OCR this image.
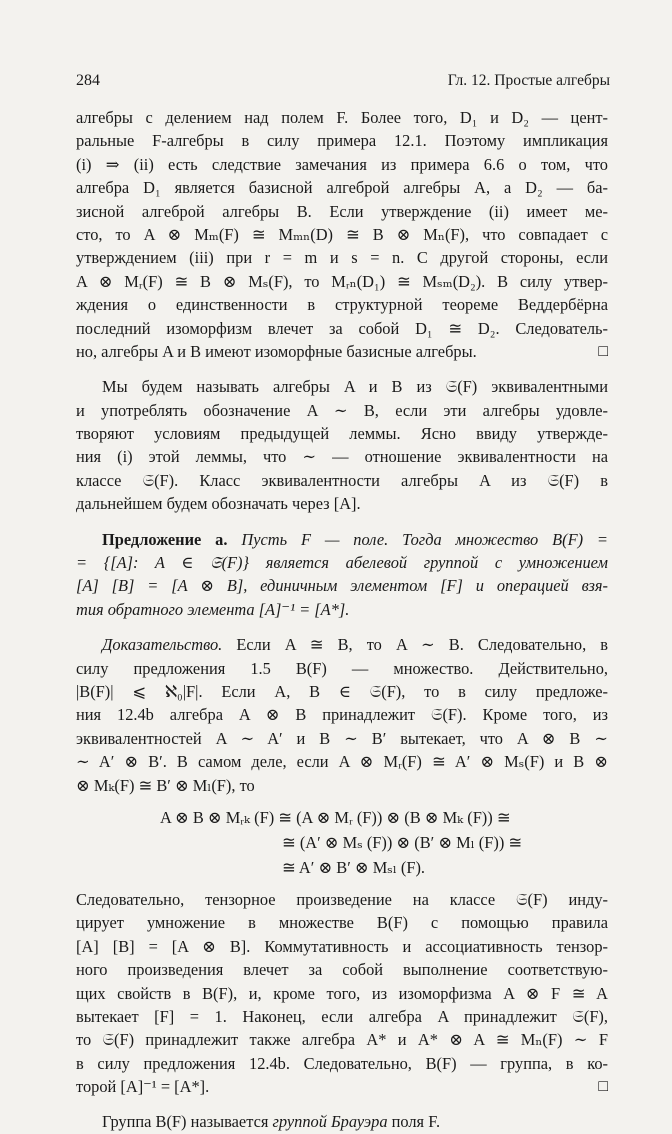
284	Гл. 12. Простые алгебры
алгебры с делением над полем F. Более того, D₁ и D₂ — цент-
ральные F-алгебры в силу примера 12.1. Поэтому импликация
(i) ⇒ (ii) есть следствие замечания из примера 6.6 о том, что
алгебра D₁ является базисной алгеброй алгебры A, а D₂ — ба-
зисной алгеброй алгебры B. Если утверждение (ii) имеет ме-
сто, то A ⊗ Mₘ(F) ≅ Mₘₙ(D) ≅ B ⊗ Mₙ(F), что совпадает с
утверждением (iii) при r = m и s = n. С другой стороны, если
A ⊗ Mᵣ(F) ≅ B ⊗ Mₛ(F), то Mᵣₙ(D₁) ≅ Mₛₘ(D₂). В силу утвер-
ждения о единственности в структурной теореме Веддербёрна
последний изоморфизм влечет за собой D₁ ≅ D₂. Следователь-
но, алгебры A и B имеют изоморфные базисные алгебры.	□
Мы будем называть алгебры A и B из 𝔖(F) эквивалентными
и употреблять обозначение A ∼ B, если эти алгебры удовле-
творяют условиям предыдущей леммы. Ясно ввиду утвержде-
ния (i) этой леммы, что ∼ — отношение эквивалентности на
классе 𝔖(F). Класс эквивалентности алгебры A из 𝔖(F) в
дальнейшем будем обозначать через [A].
Предложение a. Пусть F — поле. Тогда множество B(F) =
= {[A]: A ∈ 𝔖(F)} является абелевой группой с умножением
[A] [B] = [A ⊗ B], единичным элементом [F] и операцией взя-
тия обратного элемента [A]⁻¹ = [A*].
Доказательство. Если A ≅ B, то A ∼ B. Следовательно, в
силу предложения 1.5 B(F) — множество. Действительно,
|B(F)| ⩽ ℵ₀|F|. Если A, B ∈ 𝔖(F), то в силу предложе-
ния 12.4b алгебра A ⊗ B принадлежит 𝔖(F). Кроме того, из
эквивалентностей A ∼ A′ и B ∼ B′ вытекает, что A ⊗ B ∼
∼ A′ ⊗ B′. В самом деле, если A ⊗ Mᵣ(F) ≅ A′ ⊗ Mₛ(F) и B ⊗
⊗ Mₖ(F) ≅ B′ ⊗ Mₗ(F), то
A ⊗ B ⊗ Mᵣₖ (F) ≅ (A ⊗ Mᵣ (F)) ⊗ (B ⊗ Mₖ (F)) ≅
≅ (A′ ⊗ Mₛ (F)) ⊗ (B′ ⊗ Mₗ (F)) ≅
≅ A′ ⊗ B′ ⊗ Mₛₗ (F).
Следовательно, тензорное произведение на классе 𝔖(F) инду-
цирует умножение в множестве B(F) с помощью правила
[A] [B] = [A ⊗ B]. Коммутативность и ассоциативность тензор-
ного произведения влечет за собой выполнение соответствую-
щих свойств в B(F), и, кроме того, из изоморфизма A ⊗ F ≅ A
вытекает [F] = 1. Наконец, если алгебра A принадлежит 𝔖(F),
то 𝔖(F) принадлежит также алгебра A* и A* ⊗ A ≅ Mₙ(F) ∼ F
в силу предложения 12.4b. Следовательно, B(F) — группа, в ко-
торой [A]⁻¹ = [A*].	□
Группа B(F) называется группой Брауэра поля F.
